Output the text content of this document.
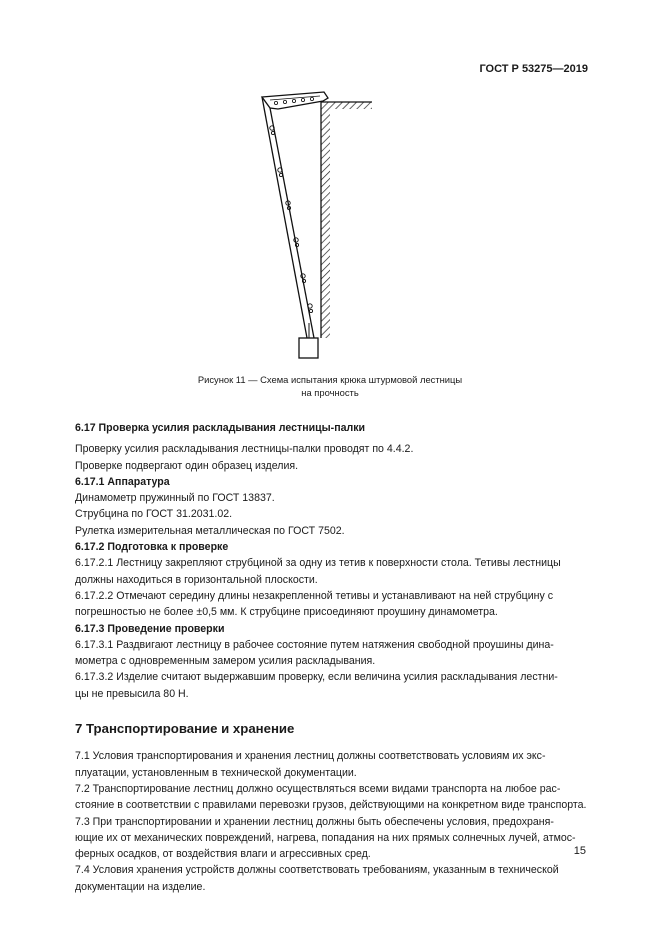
ГОСТ Р 53275—2019
Рисунок 11 — Схема испытания крюка штурмовой лестницы
на прочность
6.17 Проверка усилия раскладывания лестницы-палки
Проверку усилия раскладывания лестницы-палки проводят по 4.4.2.
Проверке подвергают один образец изделия.
6.17.1 Аппаратура
Динамометр пружинный по ГОСТ 13837.
Струбцина по ГОСТ 31.2031.02.
Рулетка измерительная металлическая по ГОСТ 7502.
6.17.2 Подготовка к проверке
6.17.2.1 Лестницу закрепляют струбциной за одну из тетив к поверхности стола. Тетивы лестницы
должны находиться в горизонтальной плоскости.
6.17.2.2 Отмечают середину длины незакрепленной тетивы и устанавливают на ней струбцину с
погрешностью не более ±0,5 мм. К струбцине присоединяют проушину динамометра.
6.17.3 Проведение проверки
6.17.3.1 Раздвигают лестницу в рабочее состояние путем натяжения свободной проушины дина-
мометра с одновременным замером усилия раскладывания.
6.17.3.2 Изделие считают выдержавшим проверку, если величина усилия раскладывания лестни-
цы не превысила 80 Н.
7 Транспортирование и хранение
7.1 Условия транспортирования и хранения лестниц должны соответствовать условиям их экс-
плуатации, установленным в технической документации.
7.2 Транспортирование лестниц должно осуществляться всеми видами транспорта на любое рас-
стояние в соответствии с правилами перевозки грузов, действующими на конкретном виде транспорта.
7.3 При транспортировании и хранении лестниц должны быть обеспечены условия, предохраня-
ющие их от механических повреждений, нагрева, попадания на них прямых солнечных лучей, атмос-
ферных осадков, от воздействия влаги и агрессивных сред.
7.4 Условия хранения устройств должны соответствовать требованиям, указанным в технической
документации на изделие.
15
